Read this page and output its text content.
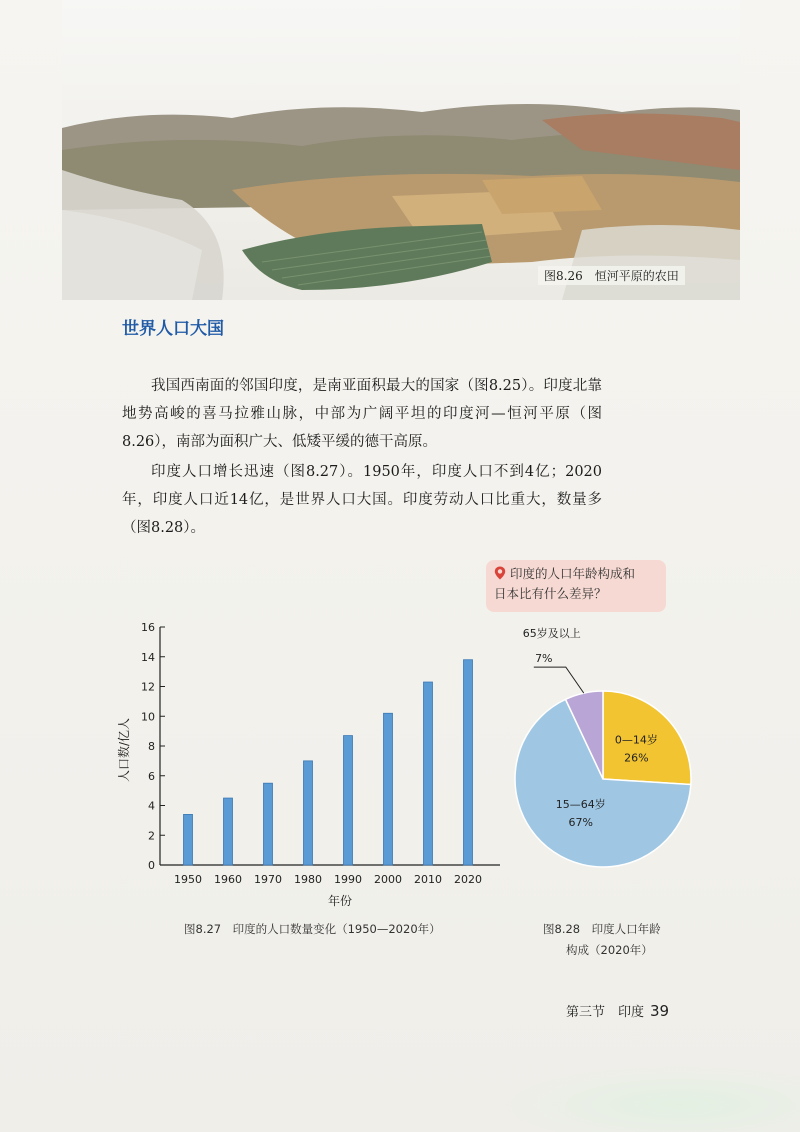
图8.26　 恒河平原的农田
世界人口大国

我国西南面的邻国印度，是南亚面积最大的国家（图8.25）。印度北靠地势高峻的喜马拉雅山脉，中部为广阔平坦的印度河—恒河平原（图8.26），南部为面积广大、低矮平缓的德干高原。

印度人口增长迅速（图8.27）。1950年，印度人口不到4亿；2020年，印度人口近14亿，是世界人口大国。印度劳动人口比重大，数量多（图8.28）。

印度的人口年龄构成和
日本比有什么差异？
0
2
4
6
8
10
12
14
16
1950 1960 1970 1980 1990 2000 2010 2020
人口数/亿人
年份
图8.27　印度的人口数量变化（1950—2020年）
0—14岁
26%
15—64岁
67%
7%
65岁及以上
图8.28　印度人口年龄
构成（2020年）
第三节　印度 39
